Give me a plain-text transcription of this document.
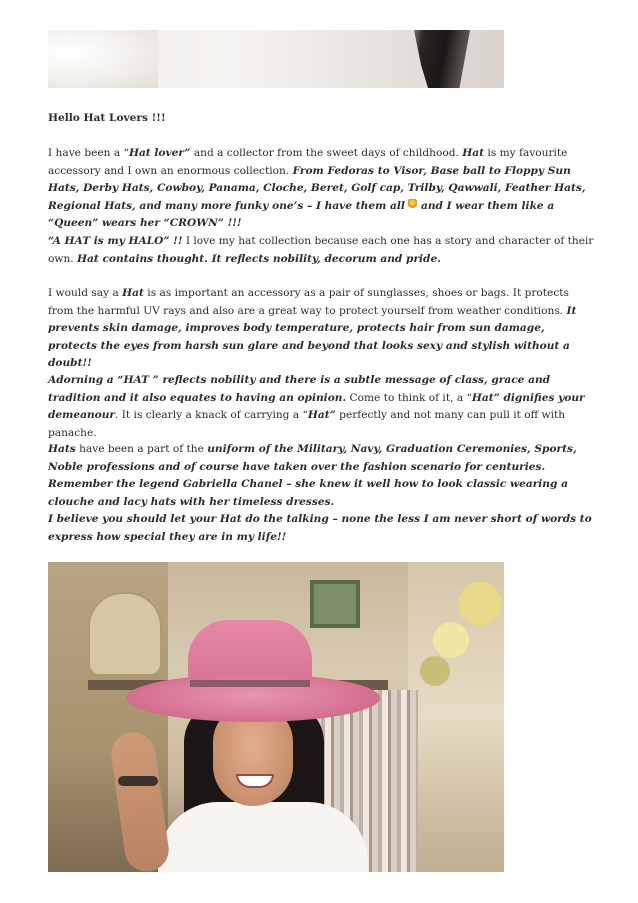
Hello Hat Lovers !!!

I have been a “Hat lover” and a collector from the sweet days of childhood. Hat is my favourite accessory and I own an enormous collection. From Fedoras to Visor, Base ball to Floppy Sun Hats, Derby Hats, Cowboy, Panama, Cloche, Beret, Golf cap, Trilby, Qawwali, Feather Hats, Regional Hats, and many more funky one’s – I have them all  and I wear them like a “Queen” wears her “CROWN” !!!

“A HAT is my HALO” !! I love my hat collection because each one has a story and character of their own. Hat contains thought. It reflects nobility, decorum and pride.

I would say a Hat is as important an accessory as a pair of sunglasses, shoes or bags. It protects from the harmful UV rays and also are a great way to protect yourself from weather conditions. It prevents skin damage, improves body temperature, protects hair from sun damage, protects the eyes from harsh sun glare and beyond that looks sexy and stylish without a doubt!!

Adorning a “HAT ” reflects nobility and there is a subtle message of class, grace and tradition and it also equates to having an opinion. Come to think of it, a “Hat” dignifies your demeanour. It is clearly a knack of carrying a “Hat” perfectly and not many can pull it off with panache.

Hats have been a part of the uniform of the Military, Navy, Graduation Ceremonies, Sports, Noble professions and of course have taken over the fashion scenario for centuries. Remember the legend Gabriella Chanel – she knew it well how to look classic wearing a clouche and lacy hats with her timeless dresses.

I believe you should let your Hat do the talking – none the less I am never short of words to express how special they are in my life!!
